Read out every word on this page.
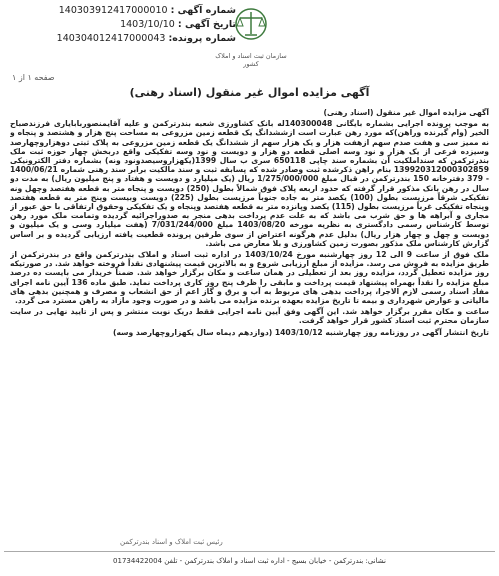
شماره آگهی : 140303912417000010
تاریخ آگهی : 1403/10/10
شماره پرونده: 140304012417000043
سازمان ثبت اسناد و املاک کشور
صفحه ۱ از ۱
آگهی مزایده اموال غیر منقول (اسناد رهنی)

آگهی مزایده اموال غیر منقول (اسناد رهنی)

به موجب پرونده اجرایی بشماره بایگانی 140300048له بانک کشاورزی شعبه بندرترکمن و علیه آقایمنصوربابایاری فرزندصباح الخیر (وام گیرنده وراهن)که مورد رهن عبارت است ازششدانگ یک قطعه زمین مزروعی به مساحت پنج هزار و هشتصد و پنجاه و نه ممیز سی و هفت صدم سهم ازهفت هزار و یک هزار سهم از ششدانگ یک قطعه زمین مزروعی به پلاک ثبتی دوهزاروچهارصد وسیزده فرعی از یک هزار و نود وسه اصلی قطعه دو هزار و دویست و نود وسه تفکیکی واقع دربخش چهار حوزه ثبت ملک بندرترکمن که سنداملکیت آن بشماره سند چاپی 650118 سری ب سال 1399(یکهزاروسیصدونود ونه) بشماره دفتر الکترونیکی 139920312000302859 بنام راهن ذکرشده ثبت وصادر شده که پسابقه ثبت و سند مالکیت برابر سند رهنی شماره 1400/06/21 - 379 دفترخانه 150 بندرترکمن در قبال مبلغ 1/275/000/000 ریال (یک میلیارد و دویست و هفتاد و پنج میلیون ریال) به مدت دو سال در رهن بانک مذکور قرار گرفته که حدود اربعه پلاک فوق شمالاً بطول (250) دویست و پنجاه متر به قطعه هفتصد وچهل ونه تفکیکی شرقاً مرزیست بطول (100) یکصد متر به جاده جنوباً مرزیست بطول (225) دویست وبیست وپنج متر به قطعه هفتصد وپنجاه تفکیکی غرباً مرزیست بطول (115) یکصد وپانزده متر به قطعه هفتصد وپنجاه و یک تفکیکی وحقوق ارتفاقی با حق عبور از مجاری و آبراهه ها و حق شرب می باشد که به علت عدم پرداخت بدهی منجر به صدوراجرائیه گردیده وتمامت ملک مورد رهن توسط کارشناس رسمی دادگستری به نظریه مورخه 1403/08/20 مبلغ 7/031/244/000 (هفت میلیارد وسی و یک میلیون و دویست و چهل و چهار هزار ریال) بدلیل عدم هرگونه اعتراض از سوی طرفین پرونده قطعیت یافته ارزیابی گردیده و بر اساس گزارش کارشناس ملک مذکور بصورت زمین کشاورزی و بلا معارض می باشد.

ملک فوق از ساعت 9 الی 12 روز چهارشنبه مورخ 1403/10/24 در اداره ثبت اسناد و املاک بندرترکمن واقع در بندرترکمن از طریق مزایده به فروش می رسد. مزایده از مبلغ ارزیابی شروع و به بالاترین قیمت پیشنهادی نقداً فروخته خواهد شد. در صورتیکه روز مزایده تعطیل گردد، مزایده روز بعد از تعطیلی در همان ساعت و مکان برگزار خواهد شد. ضمناً خریدار می بایست ده درصد مبلغ مزایده را نقداً بهمراه پیشنهاد قیمت پرداخت و مابقی را ظرف پنج روز کاری پرداخت نماید. طبق ماده 136 آیین نامه اجرای مفاد اسناد رسمی لازم الاجرا، پرداخت بدهی های مربوط به آب و برق و گاز اعم از حق انشعاب و مصرف و همچنین بدهی های مالیاتی و عوارض شهرداری و بیمه تا تاریخ مزایده بعهده برنده مزایده می باشد و در صورت وجود مازاد به راهن مسترد می گردد.

ساعت و مکان مقرر برگزار خواهد شد. این آگهی وفق آیین نامه اجرایی فقط دریک نوبت منتشر و پس از تایید نهایی در سایت سازمان محترم ثبت اسناد کشور قرار خواهد گرفت.

تاریخ انتشار آگهی در روزنامه روز چهارشنبه 1403/10/12 (دوازدهم دیماه سال یکهزاروچهارصد وسه)

رئیس ثبت املاک و اسناد بندرترکمن
نشانی: بندرترکمن - خیابان بسیج - اداره ثبت اسناد و املاک بندرترکمن - تلفن 01734422004
